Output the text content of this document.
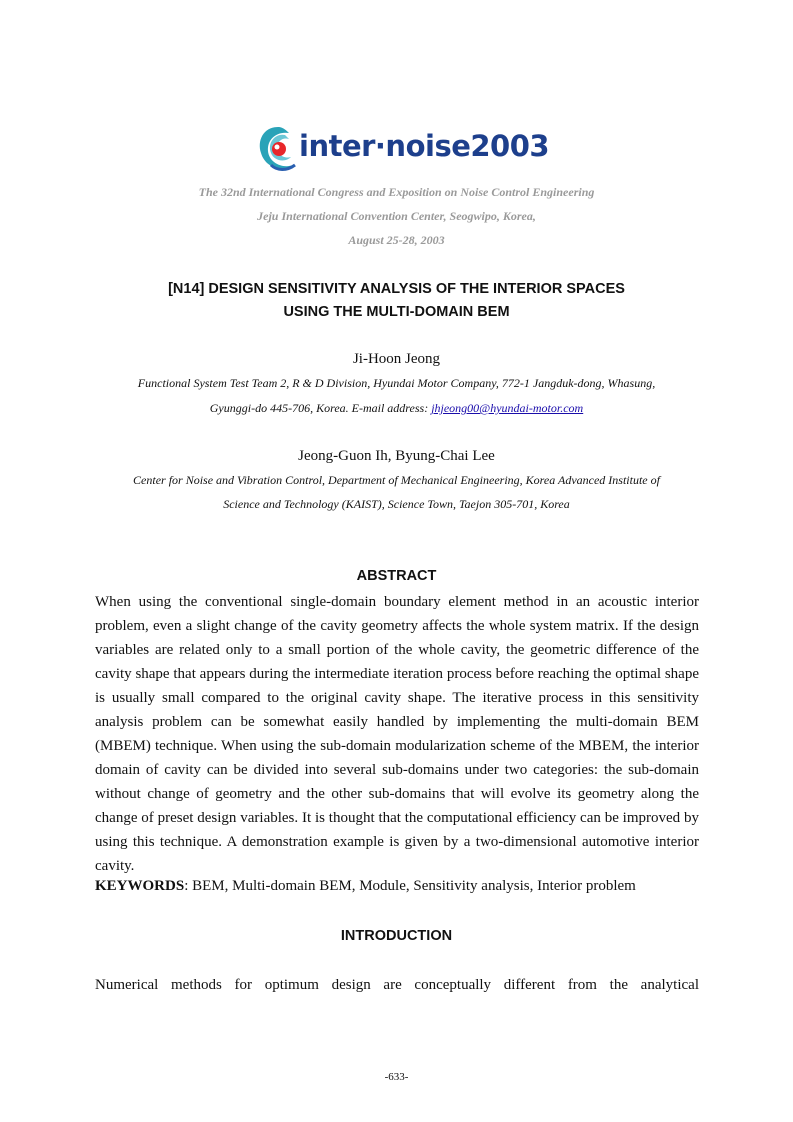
inter·noise2003
The 32nd International Congress and Exposition on Noise Control Engineering
Jeju International Convention Center, Seogwipo, Korea,
August 25-28, 2003
[N14] DESIGN SENSITIVITY ANALYSIS OF THE INTERIOR SPACES
USING THE MULTI-DOMAIN BEM
Ji-Hoon Jeong
Functional System Test Team 2, R & D Division, Hyundai Motor Company, 772-1 Jangduk-dong, Whasung,
Gyunggi-do 445-706, Korea. E-mail address: jhjeong00@hyundai-motor.com
Jeong-Guon Ih, Byung-Chai Lee
Center for Noise and Vibration Control, Department of Mechanical Engineering, Korea Advanced Institute of
Science and Technology (KAIST), Science Town, Taejon 305-701, Korea
ABSTRACT
When using the conventional single-domain boundary element method in an acoustic interior problem, even a slight change of the cavity geometry affects the whole system matrix. If the design variables are related only to a small portion of the whole cavity, the geometric difference of the cavity shape that appears during the intermediate iteration process before reaching the optimal shape is usually small compared to the original cavity shape. The iterative process in this sensitivity analysis problem can be somewhat easily handled by implementing the multi-domain BEM (MBEM) technique. When using the sub-domain modularization scheme of the MBEM, the interior domain of cavity can be divided into several sub-domains under two categories: the sub-domain without change of geometry and the other sub-domains that will evolve its geometry along the change of preset design variables. It is thought that the computational efficiency can be improved by using this technique. A demonstration example is given by a two-dimensional automotive interior cavity.
KEYWORDS: BEM, Multi-domain BEM, Module, Sensitivity analysis, Interior problem
INTRODUCTION
Numerical methods for optimum design are conceptually different from the analytical
-633-
